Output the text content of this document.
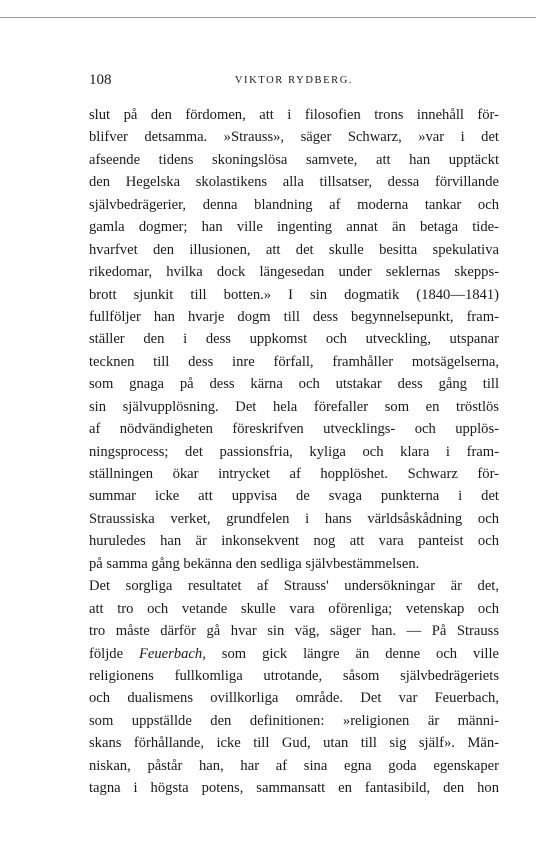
108	VIKTOR RYDBERG.
slut på den fördomen, att i filosofien trons innehåll för-
blifver detsamma. »Strauss», säger Schwarz, »var i det
afseende tidens skoningslösa samvete, att han upptäckt
den Hegelska skolastikens alla tillsatser, dessa förvillande
självbedrägerier, denna blandning af moderna tankar och
gamla dogmer; han ville ingenting annat än betaga tide-
hvarfvet den illusionen, att det skulle besitta spekulativa
rikedomar, hvilka dock längesedan under seklernas skepps-
brott sjunkit till botten.» I sin dogmatik (1840—1841)
fullföljer han hvarje dogm till dess begynnelsepunkt, fram-
ställer den i dess uppkomst och utveckling, utspanar
tecknen till dess inre förfall, framhåller motsägelserna,
som gnaga på dess kärna och utstakar dess gång till
sin självupplösning. Det hela förefaller som en tröstlös
af nödvändigheten föreskrifven utvecklings- och upplös-
ningsprocess; det passionsfria, kyliga och klara i fram-
ställningen ökar intrycket af hopplöshet. Schwarz för-
summar icke att uppvisa de svaga punkterna i det
Straussiska verket, grundfelen i hans världsåskådning och
huruledes han är inkonsekvent nog att vara panteist och
på samma gång bekänna den sedliga självbestämmelsen.
Det sorgliga resultatet af Strauss' undersökningar är det,
att tro och vetande skulle vara oförenliga; vetenskap och
tro måste därför gå hvar sin väg, säger han. — På Strauss
följde Feuerbach, som gick längre än denne och ville
religionens fullkomliga utrotande, såsom självbedrägeriets
och dualismens ovillkorliga område. Det var Feuerbach,
som uppställde den definitionen: »religionen är männi-
skans förhållande, icke till Gud, utan till sig själf». Män-
niskan, påstår han, har af sina egna goda egenskaper
tagna i högsta potens, sammansatt en fantasibild, den hon
